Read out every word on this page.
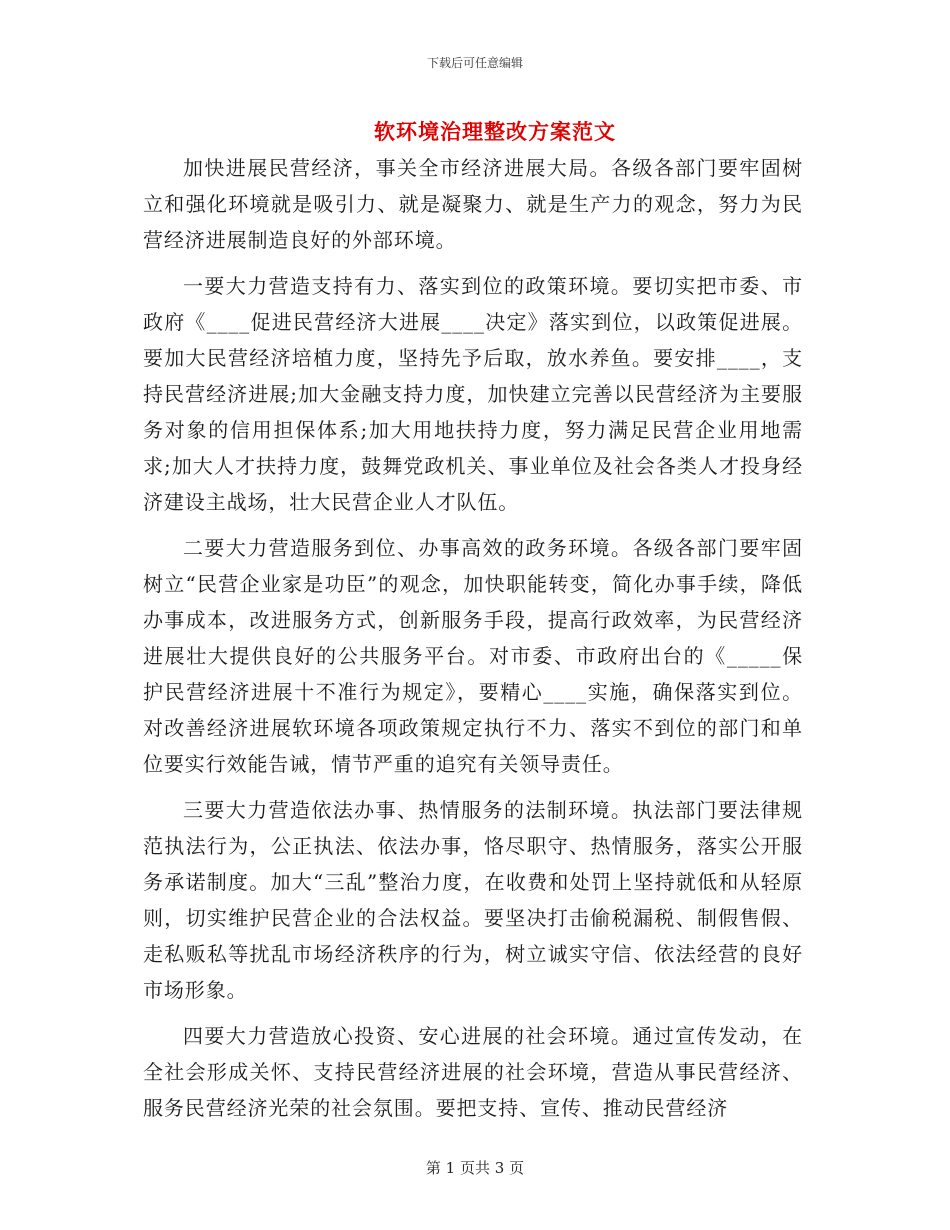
下载后可任意编辑
软环境治理整改方案范文

加快进展民营经济，事关全市经济进展大局。各级各部门要牢固树立和强化环境就是吸引力、就是凝聚力、就是生产力的观念，努力为民营经济进展制造良好的外部环境。

一要大力营造支持有力、落实到位的政策环境。要切实把市委、市政府《____促进民营经济大进展____决定》落实到位，以政策促进展。要加大民营经济培植力度，坚持先予后取，放水养鱼。要安排____，支持民营经济进展;加大金融支持力度，加快建立完善以民营经济为主要服务对象的信用担保体系;加大用地扶持力度，努力满足民营企业用地需求;加大人才扶持力度，鼓舞党政机关、事业单位及社会各类人才投身经济建设主战场，壮大民营企业人才队伍。

二要大力营造服务到位、办事高效的政务环境。各级各部门要牢固树立“民营企业家是功臣”的观念，加快职能转变，简化办事手续，降低办事成本，改进服务方式，创新服务手段，提高行政效率，为民营经济进展壮大提供良好的公共服务平台。对市委、市政府出台的《_____保护民营经济进展十不准行为规定》，要精心____实施，确保落实到位。对改善经济进展软环境各项政策规定执行不力、落实不到位的部门和单位要实行效能告诫，情节严重的追究有关领导责任。

三要大力营造依法办事、热情服务的法制环境。执法部门要法律规范执法行为，公正执法、依法办事，恪尽职守、热情服务，落实公开服务承诺制度。加大“三乱”整治力度，在收费和处罚上坚持就低和从轻原则，切实维护民营企业的合法权益。要坚决打击偷税漏税、制假售假、走私贩私等扰乱市场经济秩序的行为，树立诚实守信、依法经营的良好市场形象。

四要大力营造放心投资、安心进展的社会环境。通过宣传发动，在全社会形成关怀、支持民营经济进展的社会环境，营造从事民营经济、服务民营经济光荣的社会氛围。要把支持、宣传、推动民营经济

第 1 页共 3 页
